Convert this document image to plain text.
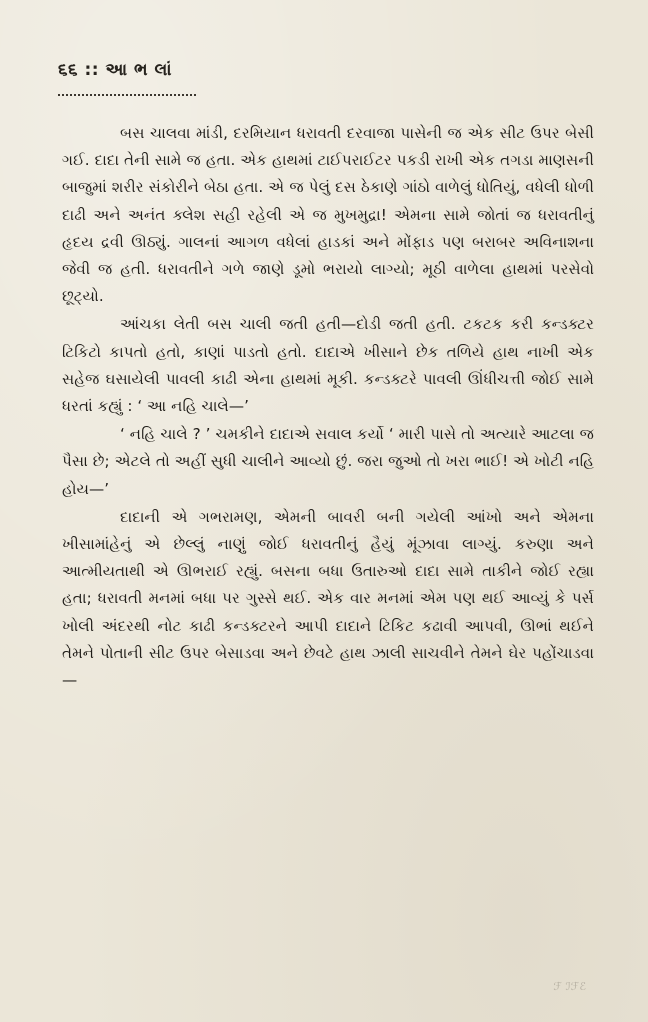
૬૬ :: આ ભ લાં

બસ ચાલવા માંડી, દરમિયાન ધરાવતી દરવાજા પાસેની જ એક સીટ ઉપર બેસી ગઈ. દાદા તેની સામે જ હતા. એક હાથમાં ટાઈપરાઈટર પકડી રાખી એક તગડા માણસની બાજુમાં શરીર સંકોરીને બેઠા હતા. એ જ પેલું દસ ઠેકાણે ગાંઠો વાળેલું ધોતિયું, વધેલી ધોળી દાઢી અને અનંત ક્લેશ સહી રહેલી એ જ મુખમુદ્રા! એમના સામે જોતાં જ ધરાવતીનું હૃદય દ્રવી ઊઠ્યું. ગાલનાં આગળ વધેલાં હાડકાં અને મોંફાડ પણ બરાબર અવિનાશના જેવી જ હતી. ધરાવતીને ગળે જાણે ડૂમો ભરાયો લાગ્યો; મૂઠી વાળેલા હાથમાં પરસેવો છૂટ્યો.

આંચકા લેતી બસ ચાલી જતી હતી—દોડી જતી હતી. ટકટક કરી કન્ડક્ટર ટિકિટો કાપતો હતો, કાણાં પાડતો હતો. દાદાએ ખીસાને છેક તળિયે હાથ નાખી એક સહેજ ઘસાયેલી પાવલી કાઢી એના હાથમાં મૂકી. કન્ડક્ટરે પાવલી ઊંધીચત્તી જોઈ સામે ધરતાં કહ્યું : ‘ આ નહિ ચાલે—’

‘ નહિ ચાલે ? ’ ચમકીને દાદાએ સવાલ કર્યો ‘ મારી પાસે તો અત્યારે આટલા જ પૈસા છે; એટલે તો અહીં સુધી ચાલીને આવ્યો છું. જરા જુઓ તો ખરા ભાઈ! એ ખોટી નહિ હોય—’

દાદાની એ ગભરામણ, એમની બાવરી બની ગયેલી આંખો અને એમના ખીસામાંહેનું એ છેલ્લું નાણું જોઈ ધરાવતીનું હૈયું મૂંઝાવા લાગ્યું. કરુણા અને આત્મીયતાથી એ ઊભરાઈ રહ્યું. બસના બધા ઉતારુઓ દાદા સામે તાકીને જોઈ રહ્યા હતા; ધરાવતી મનમાં બધા પર ગુસ્સે થઈ. એક વાર મનમાં એમ પણ થઈ આવ્યું કે પર્સ ખોલી અંદરથી નોટ કાઢી કન્ડક્ટરને આપી દાદાને ટિકિટ કઢાવી આપવી, ઊભાં થઈને તેમને પોતાની સીટ ઉપર બેસાડવા અને છેવટે હાથ ઝાલી સાચવીને તેમને ઘેર પહોંચાડવા—

ℱ ℐℱℰ
